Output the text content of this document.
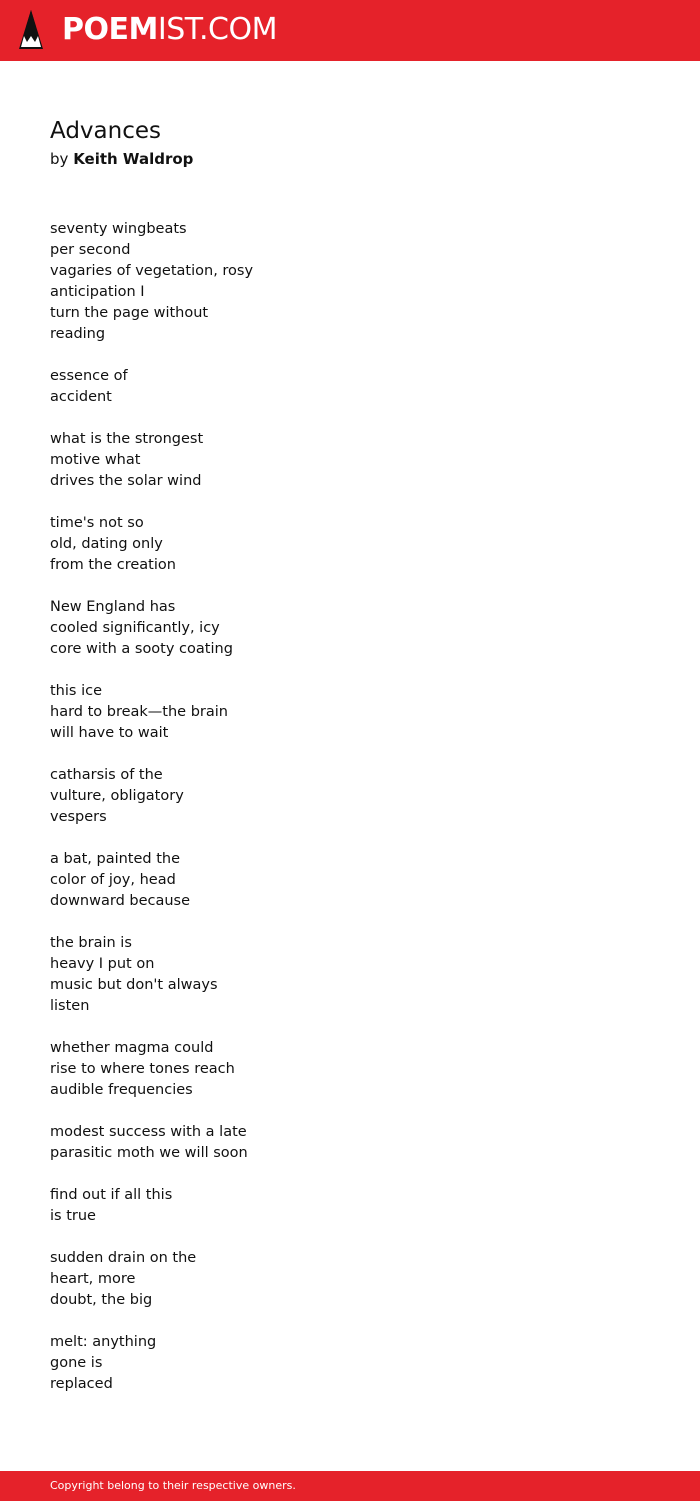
POEMIST.COM
Advances
by Keith Waldrop
seventy wingbeats
per second
vagaries of vegetation, rosy
anticipation I
turn the page without
reading
essence of
accident
what is the strongest
motive what
drives the solar wind
time's not so
old, dating only
from the creation
New England has
cooled significantly, icy
core with a sooty coating
this ice
hard to break—the brain
will have to wait
catharsis of the
vulture, obligatory
vespers
a bat, painted the
color of joy, head
downward because
the brain is
heavy I put on
music but don't always
listen
whether magma could
rise to where tones reach
audible frequencies
modest success with a late
parasitic moth we will soon
find out if all this
is true
sudden drain on the
heart, more
doubt, the big
melt: anything
gone is
replaced
Copyright belong to their respective owners.
